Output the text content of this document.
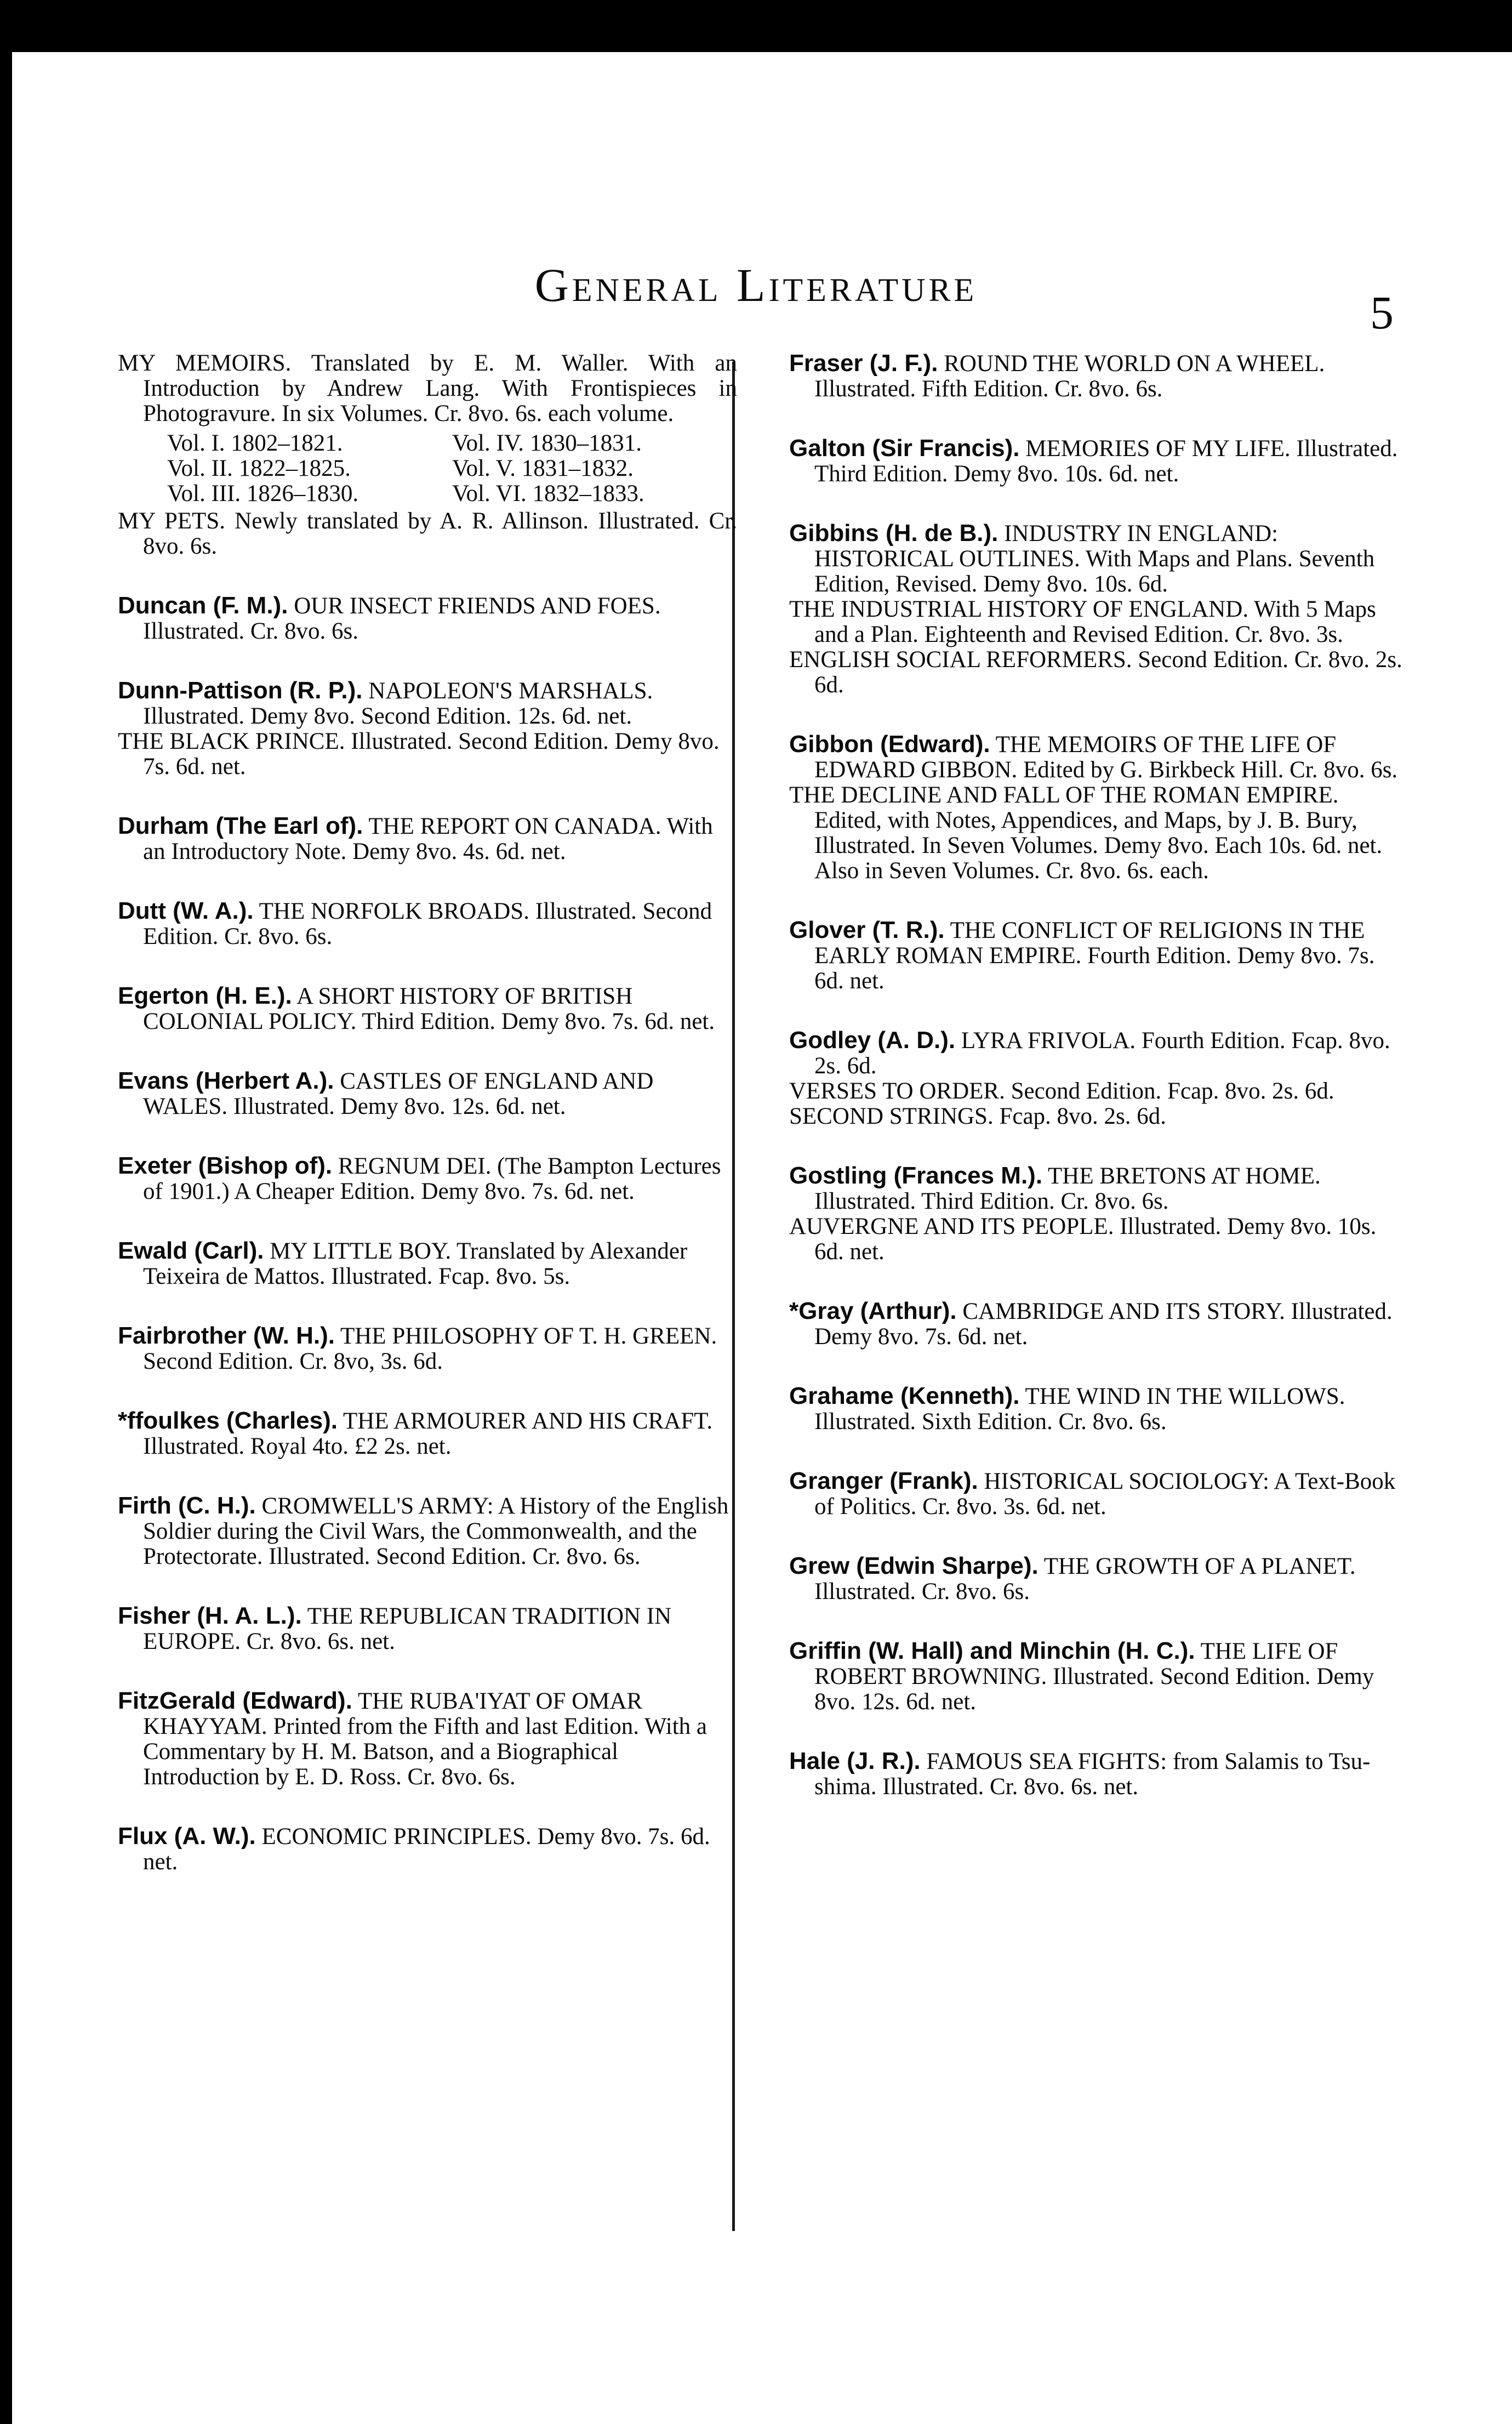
General Literature
5
MY MEMOIRS. Translated by E. M. Waller. With an Introduction by Andrew Lang. With Frontispieces in Photogravure. In six Volumes. Cr. 8vo. 6s. each volume.
Vol. I. 1802–1821.	Vol. IV. 1830–1831.
Vol. II. 1822–1825.	Vol. V. 1831–1832.
Vol. III. 1826–1830.	Vol. VI. 1832–1833.
MY PETS. Newly translated by A. R. Allinson. Illustrated. Cr. 8vo. 6s.
Duncan (F. M.). OUR INSECT FRIENDS AND FOES. Illustrated. Cr. 8vo. 6s.
Dunn-Pattison (R. P.). NAPOLEON'S MARSHALS. Illustrated. Demy 8vo. Second Edition. 12s. 6d. net.
THE BLACK PRINCE. Illustrated. Second Edition. Demy 8vo. 7s. 6d. net.
Durham (The Earl of). THE REPORT ON CANADA. With an Introductory Note. Demy 8vo. 4s. 6d. net.
Dutt (W. A.). THE NORFOLK BROADS. Illustrated. Second Edition. Cr. 8vo. 6s.
Egerton (H. E.). A SHORT HISTORY OF BRITISH COLONIAL POLICY. Third Edition. Demy 8vo. 7s. 6d. net.
Evans (Herbert A.). CASTLES OF ENGLAND AND WALES. Illustrated. Demy 8vo. 12s. 6d. net.
Exeter (Bishop of). REGNUM DEI. (The Bampton Lectures of 1901.) A Cheaper Edition. Demy 8vo. 7s. 6d. net.
Ewald (Carl). MY LITTLE BOY. Translated by Alexander Teixeira de Mattos. Illustrated. Fcap. 8vo. 5s.
Fairbrother (W. H.). THE PHILOSOPHY OF T. H. GREEN. Second Edition. Cr. 8vo, 3s. 6d.
*ffoulkes (Charles). THE ARMOURER AND HIS CRAFT. Illustrated. Royal 4to. £2 2s. net.
Firth (C. H.). CROMWELL'S ARMY: A History of the English Soldier during the Civil Wars, the Commonwealth, and the Protectorate. Illustrated. Second Edition. Cr. 8vo. 6s.
Fisher (H. A. L.). THE REPUBLICAN TRADITION IN EUROPE. Cr. 8vo. 6s. net.
FitzGerald (Edward). THE RUBA'IYAT OF OMAR KHAYYAM. Printed from the Fifth and last Edition. With a Commentary by H. M. Batson, and a Biographical Introduction by E. D. Ross. Cr. 8vo. 6s.
Flux (A. W.). ECONOMIC PRINCIPLES. Demy 8vo. 7s. 6d. net.
Fraser (J. F.). ROUND THE WORLD ON A WHEEL. Illustrated. Fifth Edition. Cr. 8vo. 6s.
Galton (Sir Francis). MEMORIES OF MY LIFE. Illustrated. Third Edition. Demy 8vo. 10s. 6d. net.
Gibbins (H. de B.). INDUSTRY IN ENGLAND: HISTORICAL OUTLINES. With Maps and Plans. Seventh Edition, Revised. Demy 8vo. 10s. 6d.
THE INDUSTRIAL HISTORY OF ENGLAND. With 5 Maps and a Plan. Eighteenth and Revised Edition. Cr. 8vo. 3s.
ENGLISH SOCIAL REFORMERS. Second Edition. Cr. 8vo. 2s. 6d.
Gibbon (Edward). THE MEMOIRS OF THE LIFE OF EDWARD GIBBON. Edited by G. Birkbeck Hill. Cr. 8vo. 6s.
THE DECLINE AND FALL OF THE ROMAN EMPIRE. Edited, with Notes, Appendices, and Maps, by J. B. Bury, Illustrated. In Seven Volumes. Demy 8vo. Each 10s. 6d. net. Also in Seven Volumes. Cr. 8vo. 6s. each.
Glover (T. R.). THE CONFLICT OF RELIGIONS IN THE EARLY ROMAN EMPIRE. Fourth Edition. Demy 8vo. 7s. 6d. net.
Godley (A. D.). LYRA FRIVOLA. Fourth Edition. Fcap. 8vo. 2s. 6d.
VERSES TO ORDER. Second Edition. Fcap. 8vo. 2s. 6d.
SECOND STRINGS. Fcap. 8vo. 2s. 6d.
Gostling (Frances M.). THE BRETONS AT HOME. Illustrated. Third Edition. Cr. 8vo. 6s.
AUVERGNE AND ITS PEOPLE. Illustrated. Demy 8vo. 10s. 6d. net.
*Gray (Arthur). CAMBRIDGE AND ITS STORY. Illustrated. Demy 8vo. 7s. 6d. net.
Grahame (Kenneth). THE WIND IN THE WILLOWS. Illustrated. Sixth Edition. Cr. 8vo. 6s.
Granger (Frank). HISTORICAL SOCIOLOGY: A Text-Book of Politics. Cr. 8vo. 3s. 6d. net.
Grew (Edwin Sharpe). THE GROWTH OF A PLANET. Illustrated. Cr. 8vo. 6s.
Griffin (W. Hall) and Minchin (H. C.). THE LIFE OF ROBERT BROWNING. Illustrated. Second Edition. Demy 8vo. 12s. 6d. net.
Hale (J. R.). FAMOUS SEA FIGHTS: from Salamis to Tsu-shima. Illustrated. Cr. 8vo. 6s. net.
